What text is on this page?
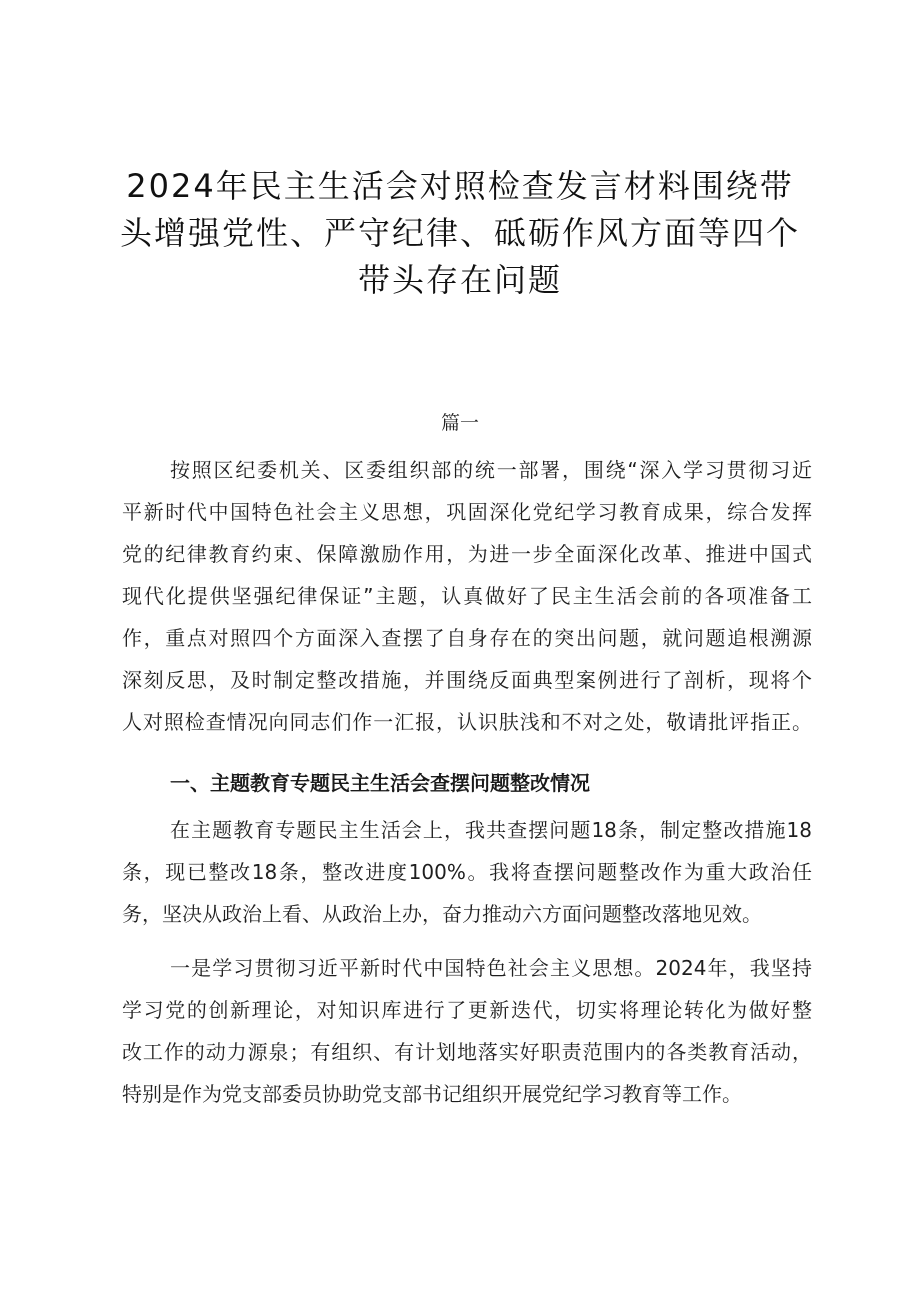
2024年民主生活会对照检查发言材料围绕带
头增强党性、严守纪律、砥砺作风方面等四个
带头存在问题
篇一

按照区纪委机关、区委组织部的统一部署，围绕“深入学习贯彻习近

平新时代中国特色社会主义思想，巩固深化党纪学习教育成果，综合发挥

党的纪律教育约束、保障激励作用，为进一步全面深化改革、推进中国式

现代化提供坚强纪律保证”主题，认真做好了民主生活会前的各项准备工

作，重点对照四个方面深入查摆了自身存在的突出问题，就问题追根溯源

深刻反思，及时制定整改措施，并围绕反面典型案例进行了剖析，现将个

人对照检查情况向同志们作一汇报，认识肤浅和不对之处，敬请批评指正。

一、主题教育专题民主生活会查摆问题整改情况

在主题教育专题民主生活会上，我共查摆问题18条，制定整改措施18

条，现已整改18条，整改进度100%。我将查摆问题整改作为重大政治任

务，坚决从政治上看、从政治上办，奋力推动六方面问题整改落地见效。

一是学习贯彻习近平新时代中国特色社会主义思想。2024年，我坚持

学习党的创新理论，对知识库进行了更新迭代，切实将理论转化为做好整

改工作的动力源泉；有组织、有计划地落实好职责范围内的各类教育活动，

特别是作为党支部委员协助党支部书记组织开展党纪学习教育等工作。
